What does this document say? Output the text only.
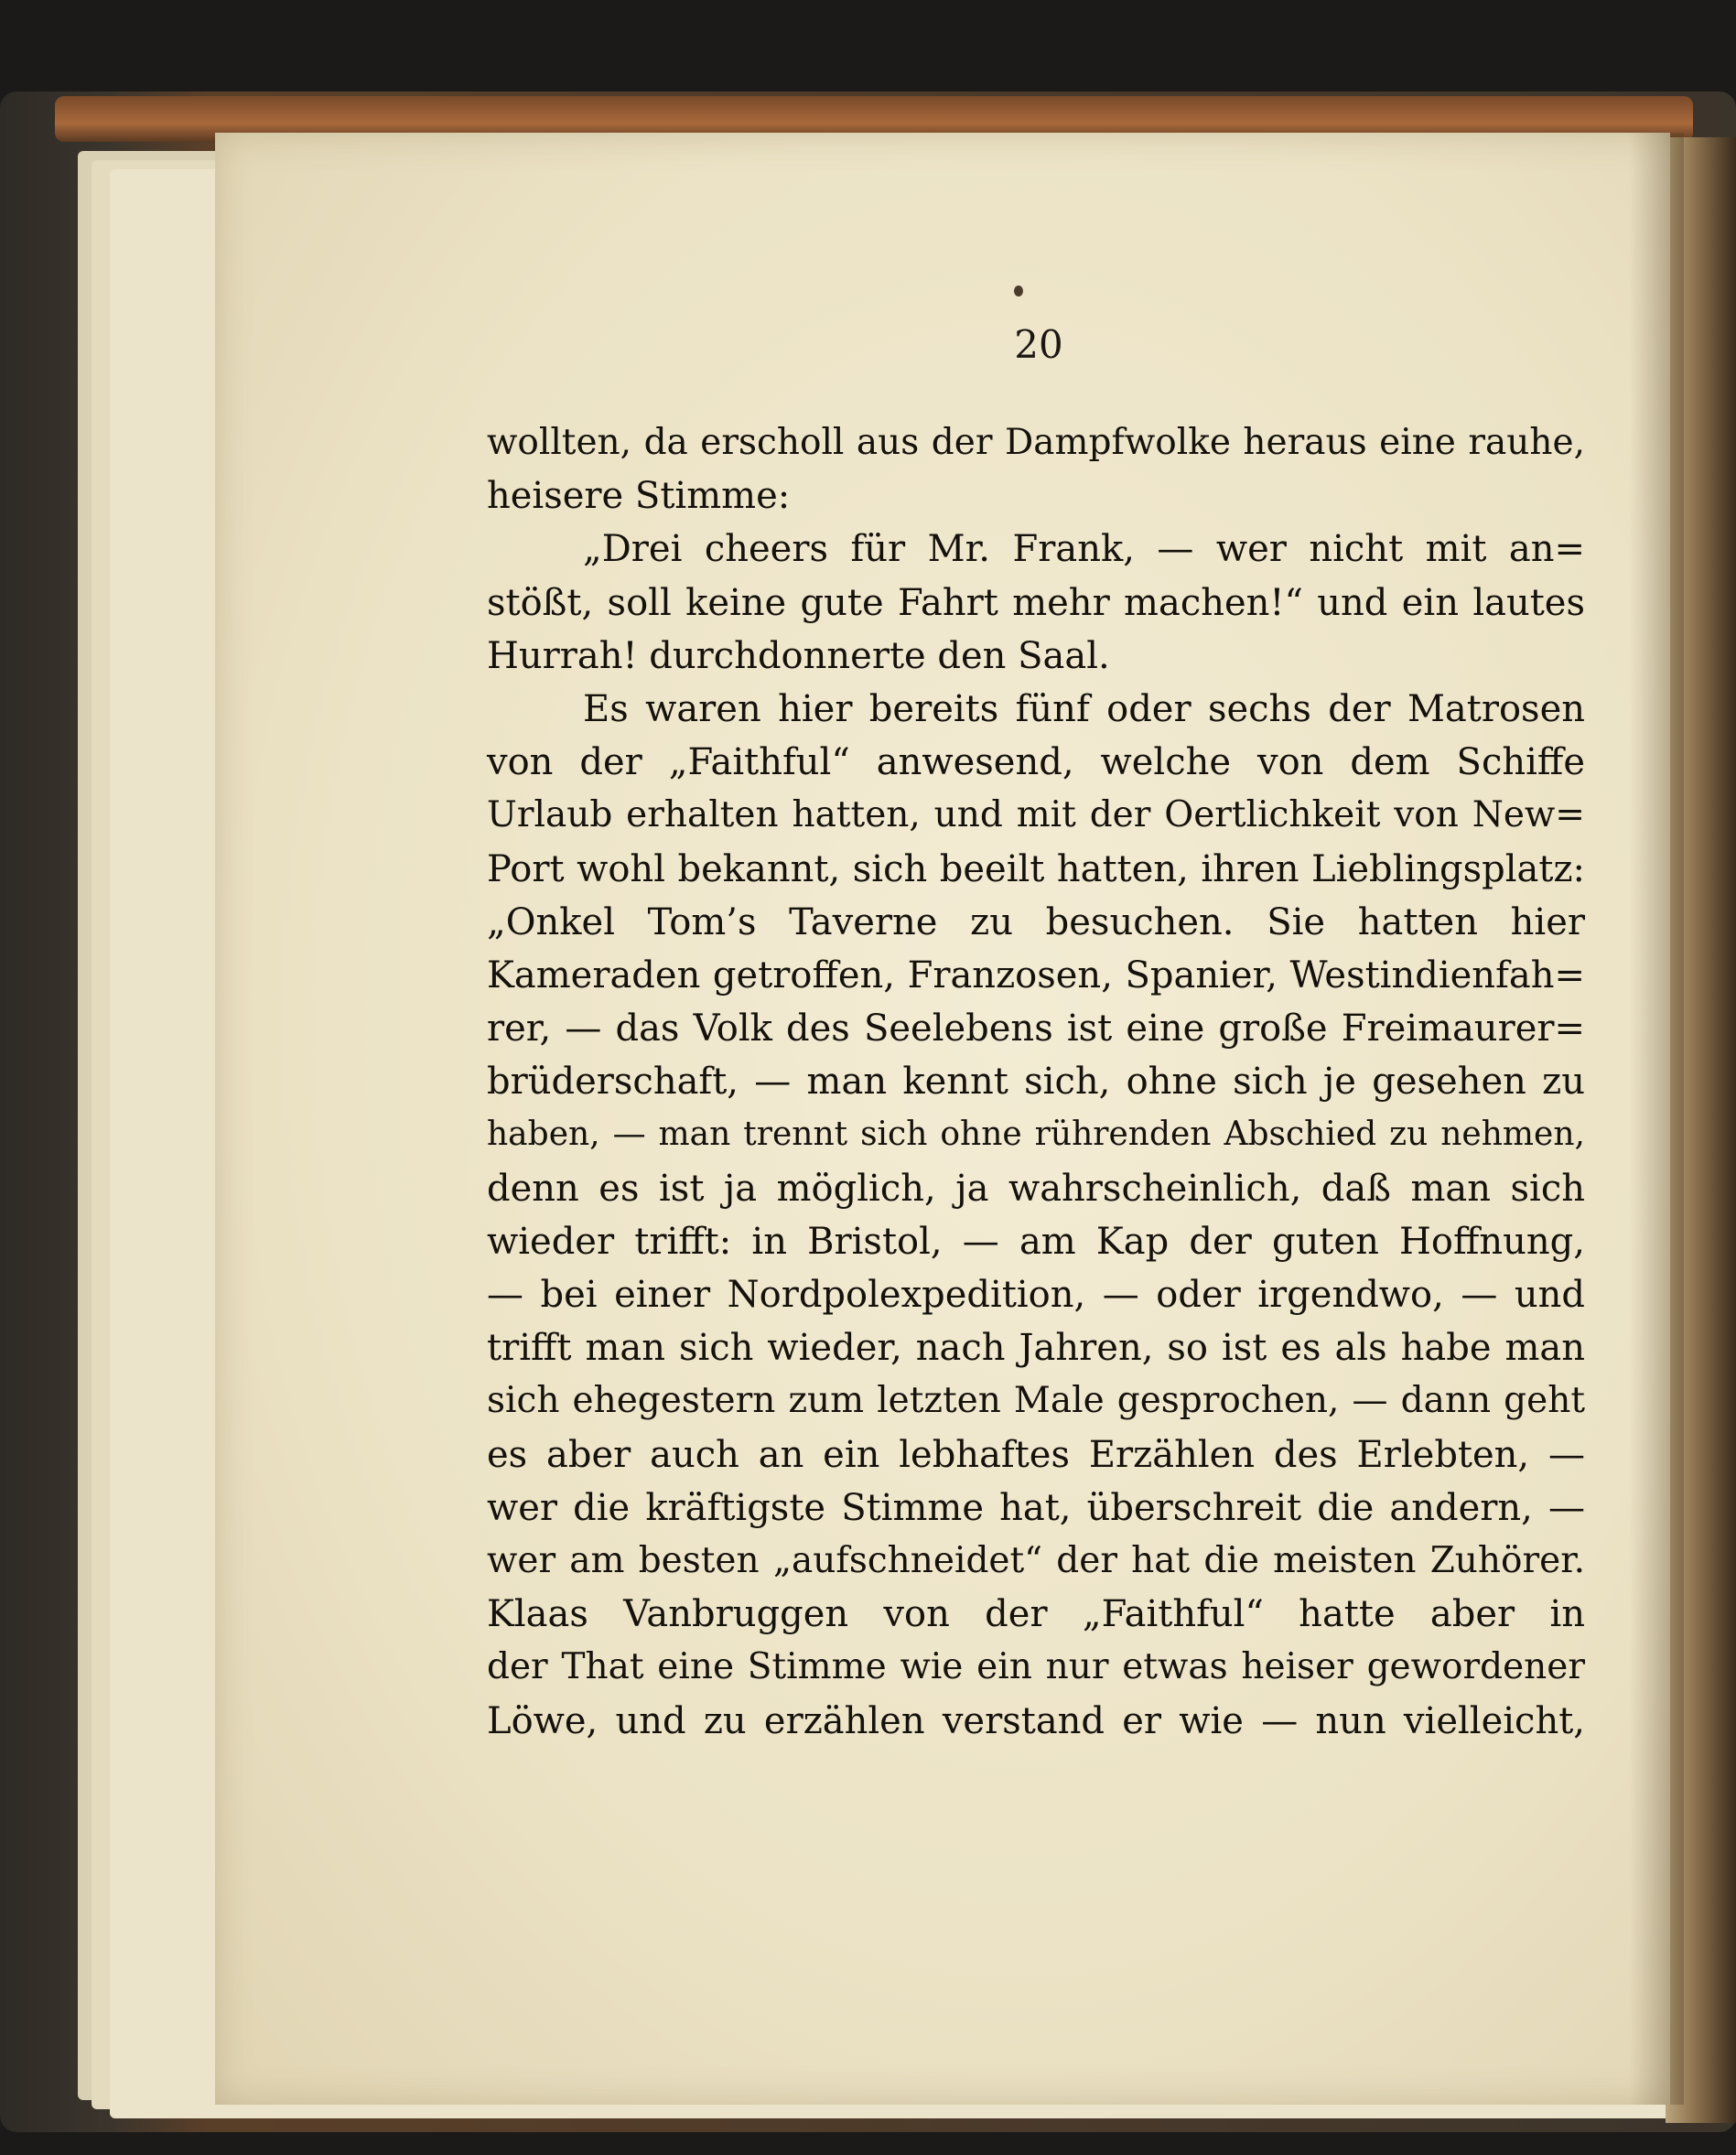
20
wollten, da erscholl aus der Dampfwolke heraus eine rauhe,
heisere Stimme:
„Drei cheers für Mr. Frank, — wer nicht mit an=
stößt, soll keine gute Fahrt mehr machen!“ und ein lautes
Hurrah! durchdonnerte den Saal.
Es waren hier bereits fünf oder sechs der Matrosen
von der „Faithful“ anwesend, welche von dem Schiffe
Urlaub erhalten hatten, und mit der Oertlichkeit von New=
Port wohl bekannt, sich beeilt hatten, ihren Lieblingsplatz:
„Onkel Tom’s Taverne zu besuchen. Sie hatten hier
Kameraden getroffen, Franzosen, Spanier, Westindienfah=
rer, — das Volk des Seelebens ist eine große Freimaurer=
brüderschaft, — man kennt sich, ohne sich je gesehen zu
haben, — man trennt sich ohne rührenden Abschied zu nehmen,
denn es ist ja möglich, ja wahrscheinlich, daß man sich
wieder trifft: in Bristol, — am Kap der guten Hoffnung,
— bei einer Nordpolexpedition, — oder irgendwo, — und
trifft man sich wieder, nach Jahren, so ist es als habe man
sich ehegestern zum letzten Male gesprochen, — dann geht
es aber auch an ein lebhaftes Erzählen des Erlebten, —
wer die kräftigste Stimme hat, überschreit die andern, —
wer am besten „aufschneidet“ der hat die meisten Zuhörer.
Klaas Vanbruggen von der „Faithful“ hatte aber in
der That eine Stimme wie ein nur etwas heiser gewordener
Löwe, und zu erzählen verstand er wie — nun vielleicht,
